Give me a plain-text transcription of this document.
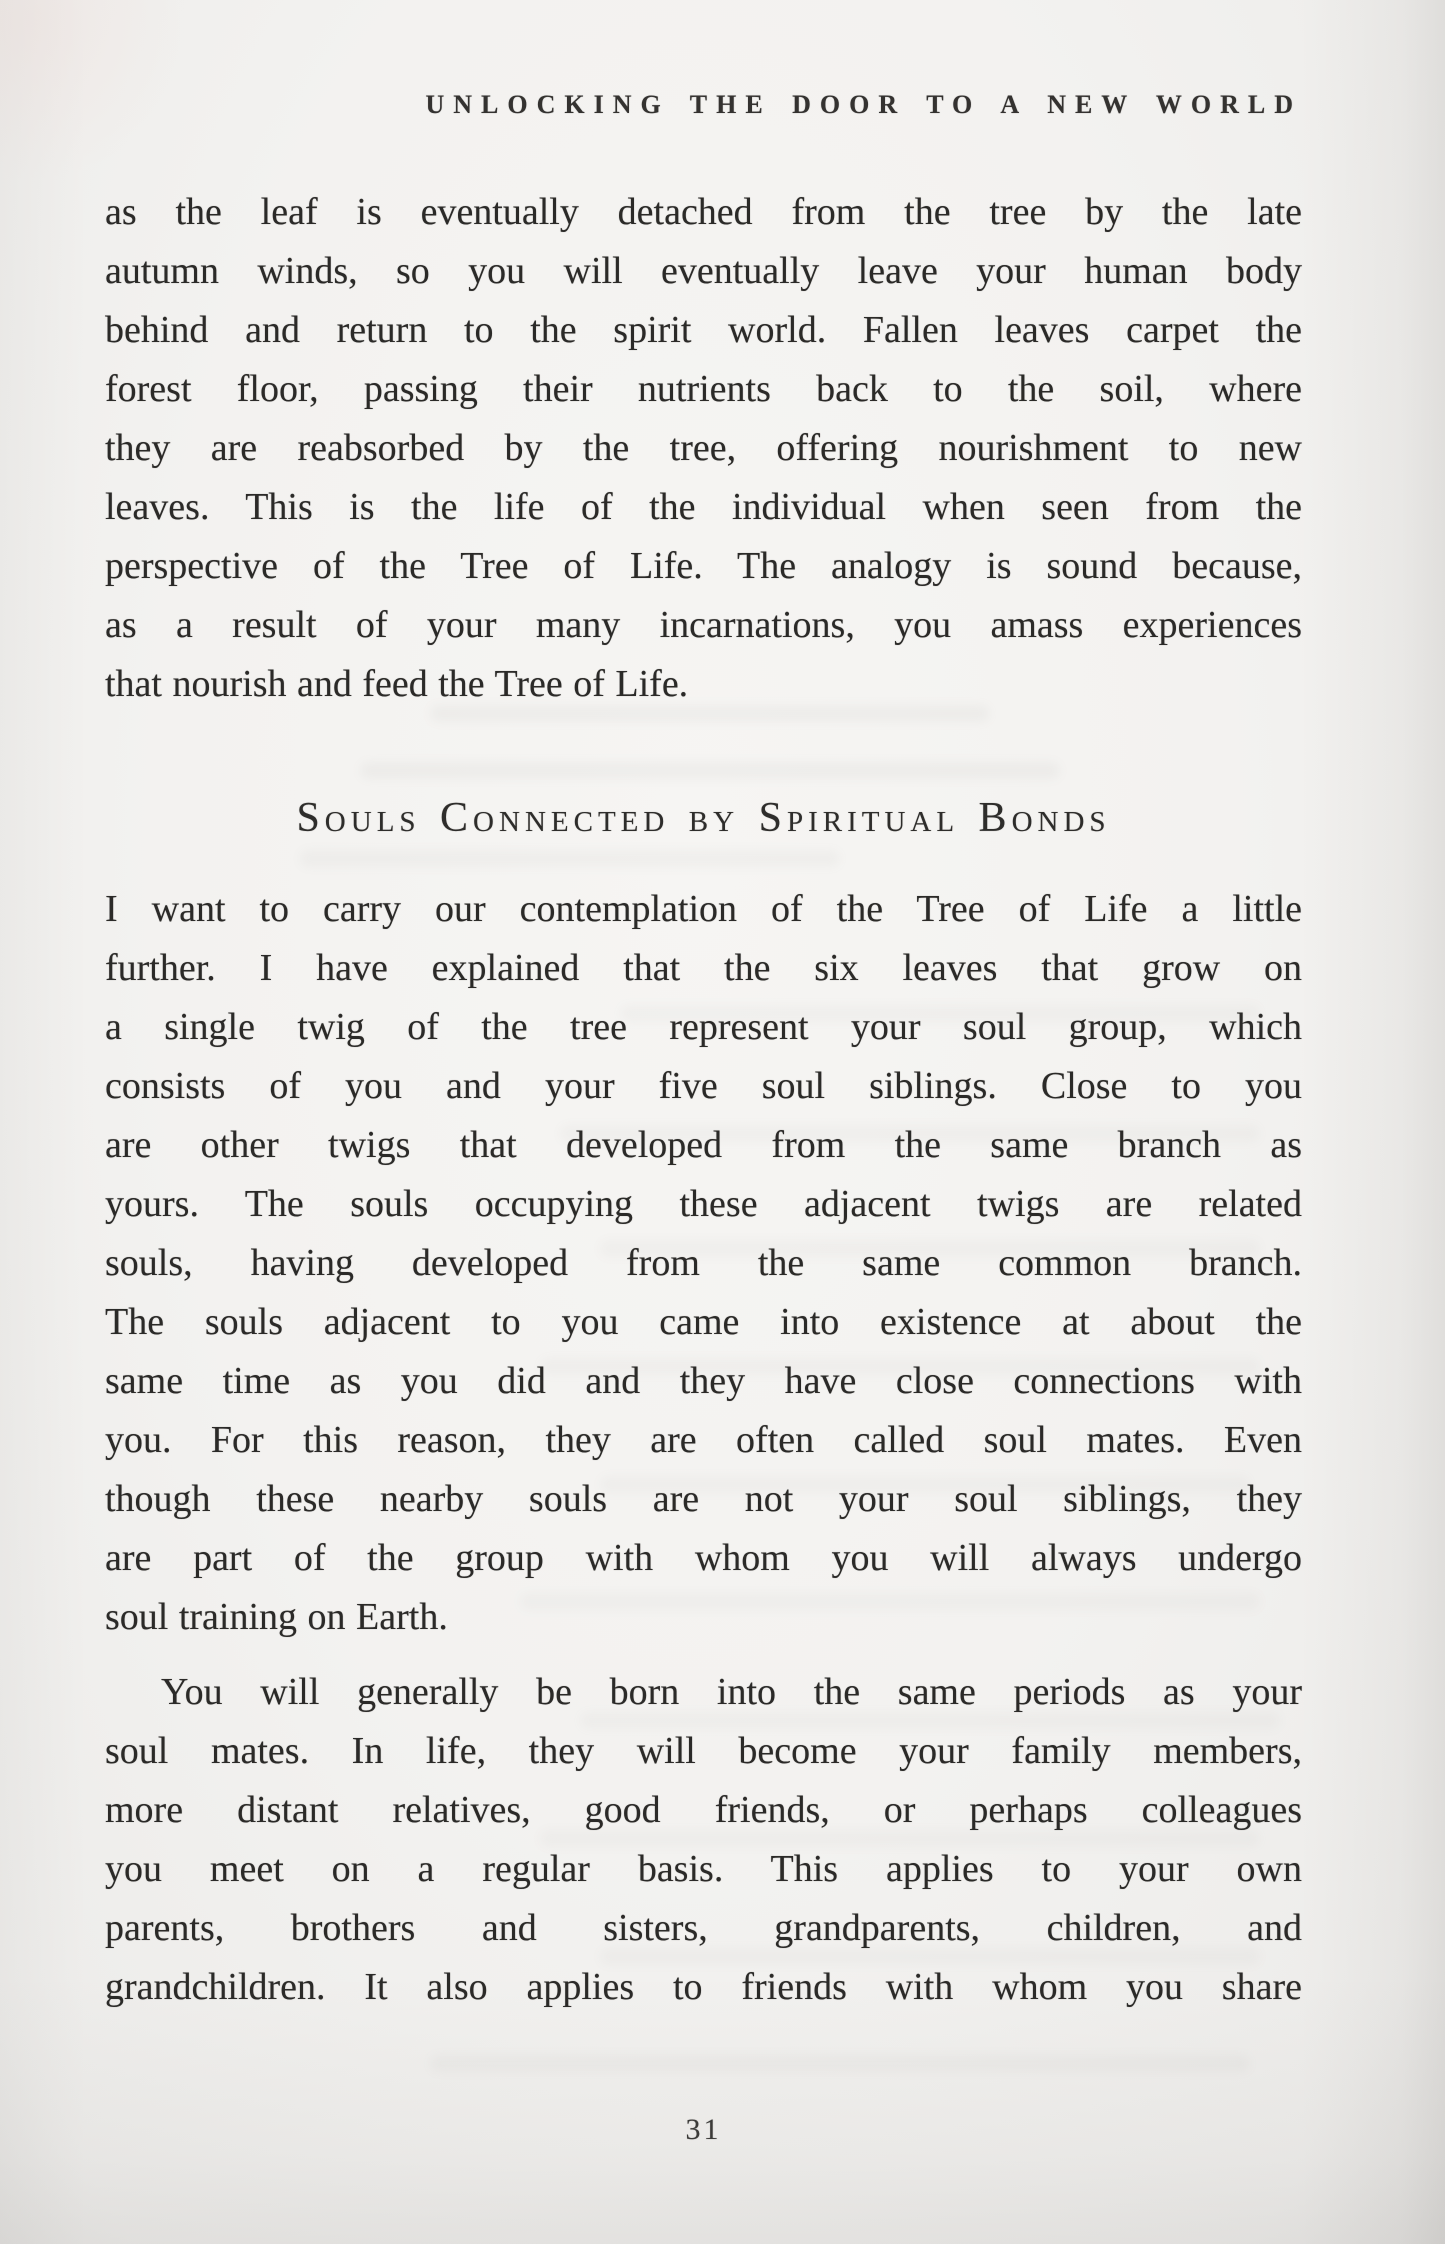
UNLOCKING THE DOOR TO A NEW WORLD
as the leaf is eventually detached from the tree by the late
autumn winds, so you will eventually leave your human body
behind and return to the spirit world. Fallen leaves carpet the
forest floor, passing their nutrients back to the soil, where
they are reabsorbed by the tree, offering nourishment to new
leaves. This is the life of the individual when seen from the
perspective of the Tree of Life. The analogy is sound because,
as a result of your many incarnations, you amass experiences
that nourish and feed the Tree of Life.
Souls Connected by Spiritual Bonds
I want to carry our contemplation of the Tree of Life a little
further. I have explained that the six leaves that grow on
a single twig of the tree represent your soul group, which
consists of you and your five soul siblings. Close to you
are other twigs that developed from the same branch as
yours. The souls occupying these adjacent twigs are related
souls, having developed from the same common branch.
The souls adjacent to you came into existence at about the
same time as you did and they have close connections with
you. For this reason, they are often called soul mates. Even
though these nearby souls are not your soul siblings, they
are part of the group with whom you will always undergo
soul training on Earth.
You will generally be born into the same periods as your
soul mates. In life, they will become your family members,
more distant relatives, good friends, or perhaps colleagues
you meet on a regular basis. This applies to your own
parents, brothers and sisters, grandparents, children, and
grandchildren. It also applies to friends with whom you share
31
